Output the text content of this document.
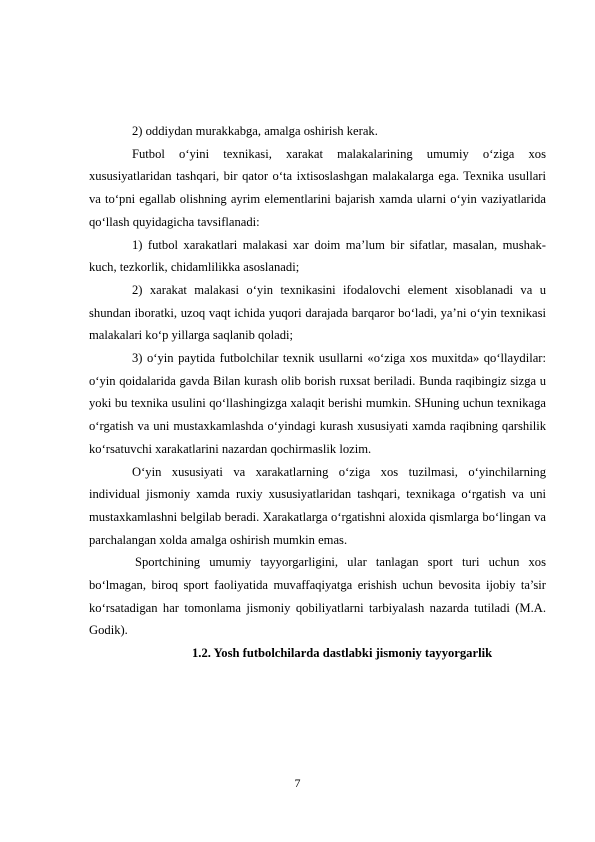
2) oddiydan murakkabga, amalga oshirish kerak.

Futbol o‘yini texnikasi, xarakat malakalarining umumiy o‘ziga xos xususiyatlaridan tashqari, bir qator o‘ta ixtisoslashgan malakalarga ega. Texnika usullari va to‘pni egallab olishning ayrim elementlarini bajarish xamda ularni o‘yin vaziyatlarida qo‘llash quyidagicha tavsiflanadi:

1) futbol xarakatlari malakasi xar doim ma’lum bir sifatlar, masalan, mushak-kuch, tezkorlik, chidamlilikka asoslanadi;

2) xarakat malakasi o‘yin texnikasini ifodalovchi element xisoblanadi va u shundan iboratki, uzoq vaqt ichida yuqori darajada barqaror bo‘ladi, ya’ni o‘yin texnikasi malakalari ko‘p yillarga saqlanib qoladi;

3) o‘yin paytida futbolchilar texnik usullarni «o‘ziga xos muxitda» qo‘llaydilar: o‘yin qoidalarida gavda Bilan kurash olib borish ruxsat beriladi. Bunda raqibingiz sizga u yoki bu texnika usulini qo‘llashingizga xalaqit berishi mumkin. SHuning uchun texnikaga o‘rgatish va uni mustaxkamlashda o‘yindagi kurash xususiyati xamda raqibning qarshilik ko‘rsatuvchi xarakatlarini nazardan qochirmaslik lozim.

O‘yin xususiyati va xarakatlarning o‘ziga xos tuzilmasi, o‘yinchilarning individual jismoniy xamda ruxiy xususiyatlaridan tashqari, texnikaga o‘rgatish va uni mustaxkamlashni belgilab beradi. Xarakatlarga o‘rgatishni aloxida qismlarga bo‘lingan va parchalangan xolda amalga oshirish mumkin emas.

Sportchining umumiy tayyorgarligini, ular tanlagan sport turi uchun xos bo‘lmagan, biroq sport faoliyatida muvaffaqiyatga erishish uchun bevosita ijobiy ta’sir ko‘rsatadigan har tomonlama jismoniy qobiliyatlarni tarbiyalash nazarda tutiladi (M.A. Godik).

1.2. Yosh futbolchilarda dastlabki jismoniy tayyorgarlik

7
